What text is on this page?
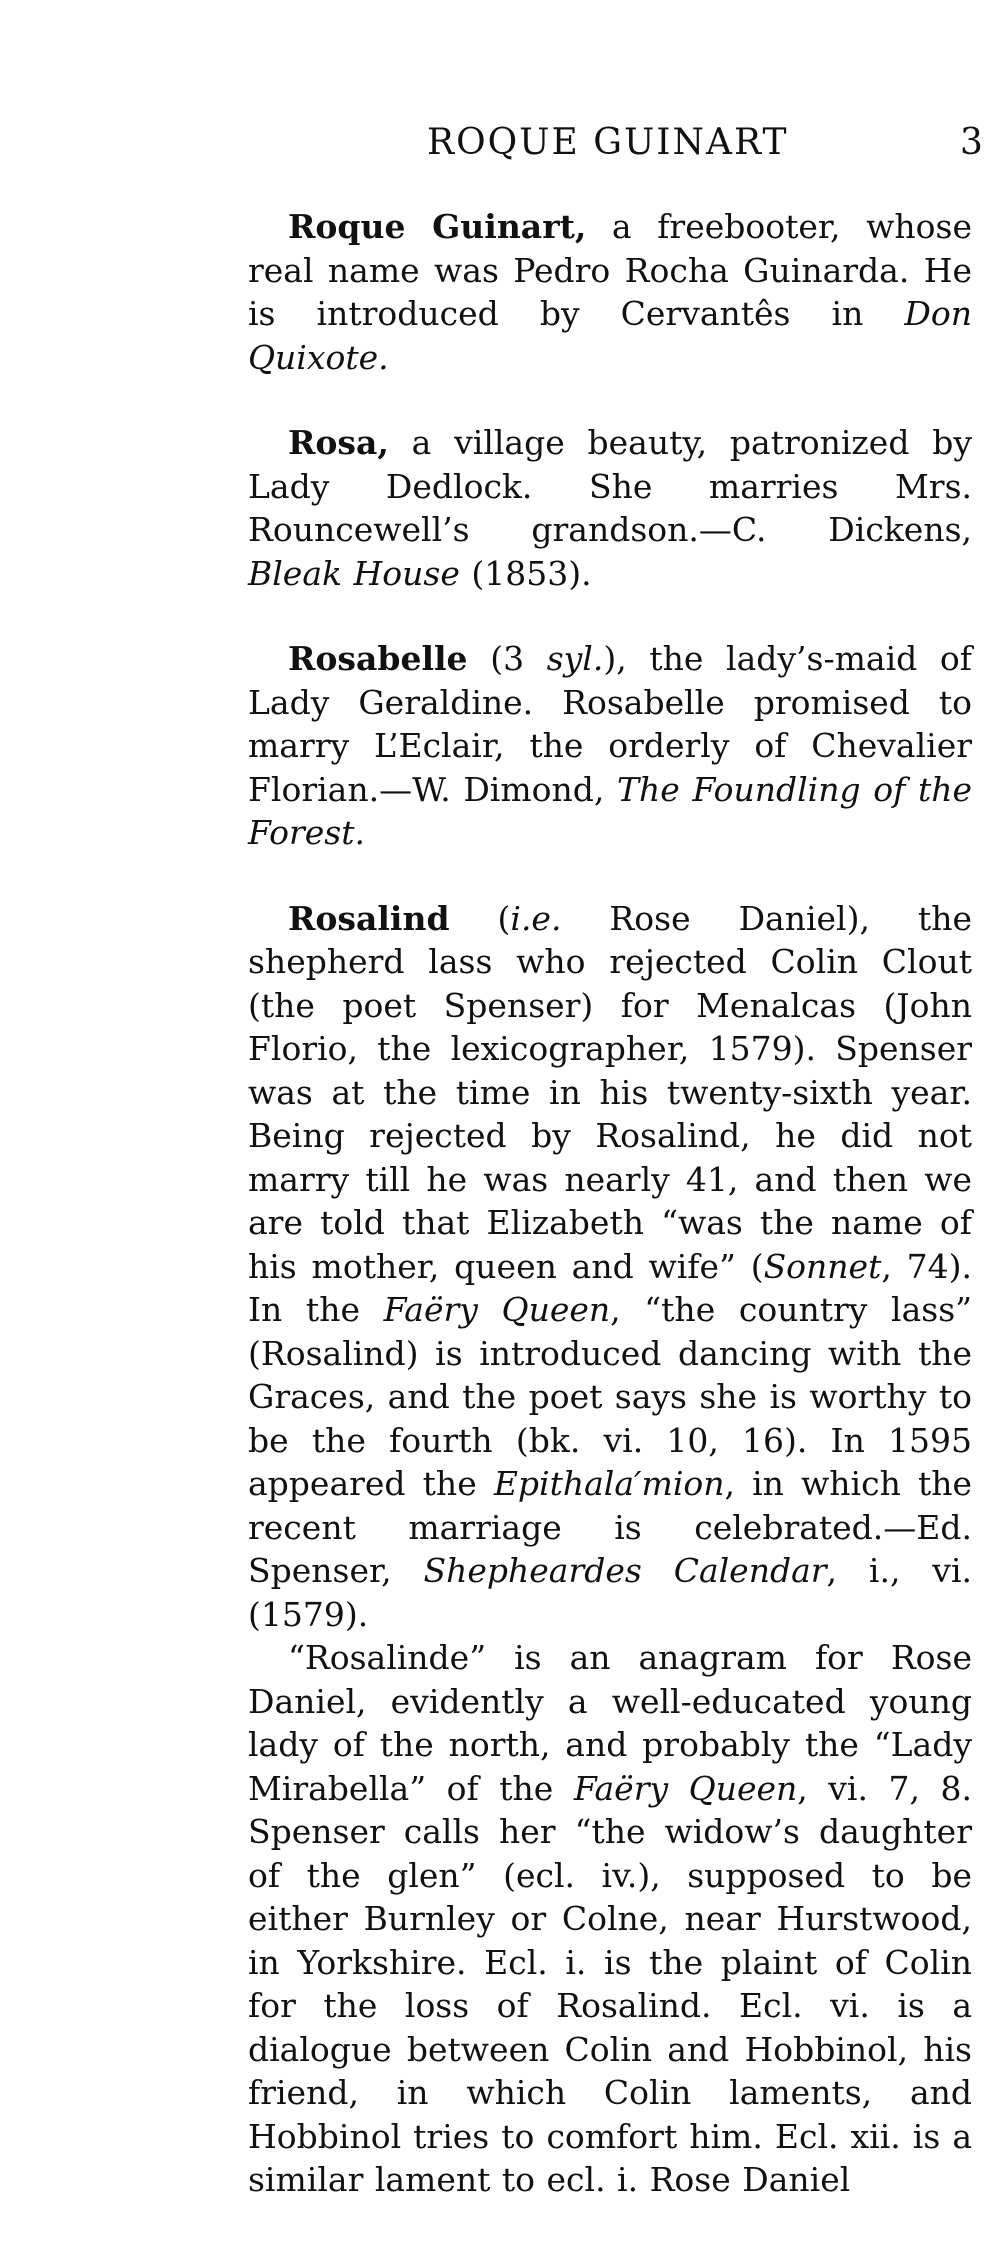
ROQUE GUINART	3

Roque Guinart, a freebooter, whose real name was Pedro Rocha Guinarda. He is introduced by Cervantês in Don Quixote.

Rosa, a village beauty, patronized by Lady Dedlock. She marries Mrs. Rouncewell’s grandson.—C. Dickens, Bleak House (1853).

Rosabelle (3 syl.), the lady’s-maid of Lady Geraldine. Rosabelle promised to marry L’Eclair, the orderly of Chevalier Florian.—W. Dimond, The Foundling of the Forest.

Rosalind (i.e. Rose Daniel), the shepherd lass who rejected Colin Clout (the poet Spenser) for Menalcas (John Florio, the lexicographer, 1579). Spenser was at the time in his twenty-sixth year. Being rejected by Rosalind, he did not marry till he was nearly 41, and then we are told that Elizabeth “was the name of his mother, queen and wife” (Sonnet, 74). In the Faëry Queen, “the country lass” (Rosalind) is introduced dancing with the Graces, and the poet says she is worthy to be the fourth (bk. vi. 10, 16). In 1595 appeared the Epithala′mion, in which the recent marriage is celebrated.—Ed. Spenser, Shepheardes Calendar, i., vi. (1579).

“Rosalinde” is an anagram for Rose Daniel, evidently a well-educated young lady of the north, and probably the “Lady Mirabella” of the Faëry Queen, vi. 7, 8. Spenser calls her “the widow’s daughter of the glen” (ecl. iv.), supposed to be either Burnley or Colne, near Hurstwood, in Yorkshire. Ecl. i. is the plaint of Colin for the loss of Rosalind. Ecl. vi. is a dialogue between Colin and Hobbinol, his friend, in which Colin laments, and Hobbinol tries to comfort him. Ecl. xii. is a similar lament to ecl. i. Rose Daniel
